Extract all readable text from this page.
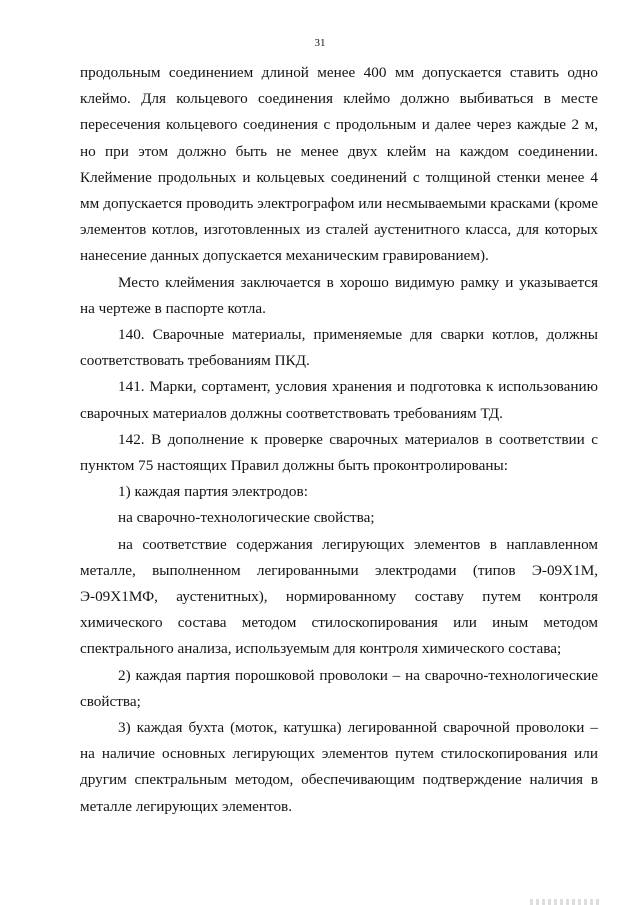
31

продольным соединением длиной менее 400 мм допускается ставить одно клеймо. Для кольцевого соединения клеймо должно выбиваться в месте пересечения кольцевого соединения с продольным и далее через каждые 2 м, но при этом должно быть не менее двух клейм на каждом соединении. Клеймение продольных и кольцевых соединений с толщиной стенки менее 4 мм допускается проводить электрографом или несмываемыми красками (кроме элементов котлов, изготовленных из сталей аустенитного класса, для которых нанесение данных допускается механическим гравированием).

Место клеймения заключается в хорошо видимую рамку и указывается на чертеже в паспорте котла.

140. Сварочные материалы, применяемые для сварки котлов, должны соответствовать требованиям ПКД.

141. Марки, сортамент, условия хранения и подготовка к использованию сварочных материалов должны соответствовать требованиям ТД.

142. В дополнение к проверке сварочных материалов в соответствии с пунктом 75 настоящих Правил должны быть проконтролированы:

1) каждая партия электродов:

на сварочно-технологические свойства;

на соответствие содержания легирующих элементов в наплавленном металле, выполненном легированными электродами (типов Э-09Х1М, Э-09Х1МФ, аустенитных), нормированному составу путем контроля химического состава методом стилоскопирования или иным методом спектрального анализа, используемым для контроля химического состава;

2) каждая партия порошковой проволоки – на сварочно-технологические свойства;

3) каждая бухта (моток, катушка) легированной сварочной проволоки – на наличие основных легирующих элементов путем стилоскопирования или другим спектральным методом, обеспечивающим подтверждение наличия в металле легирующих элементов.
